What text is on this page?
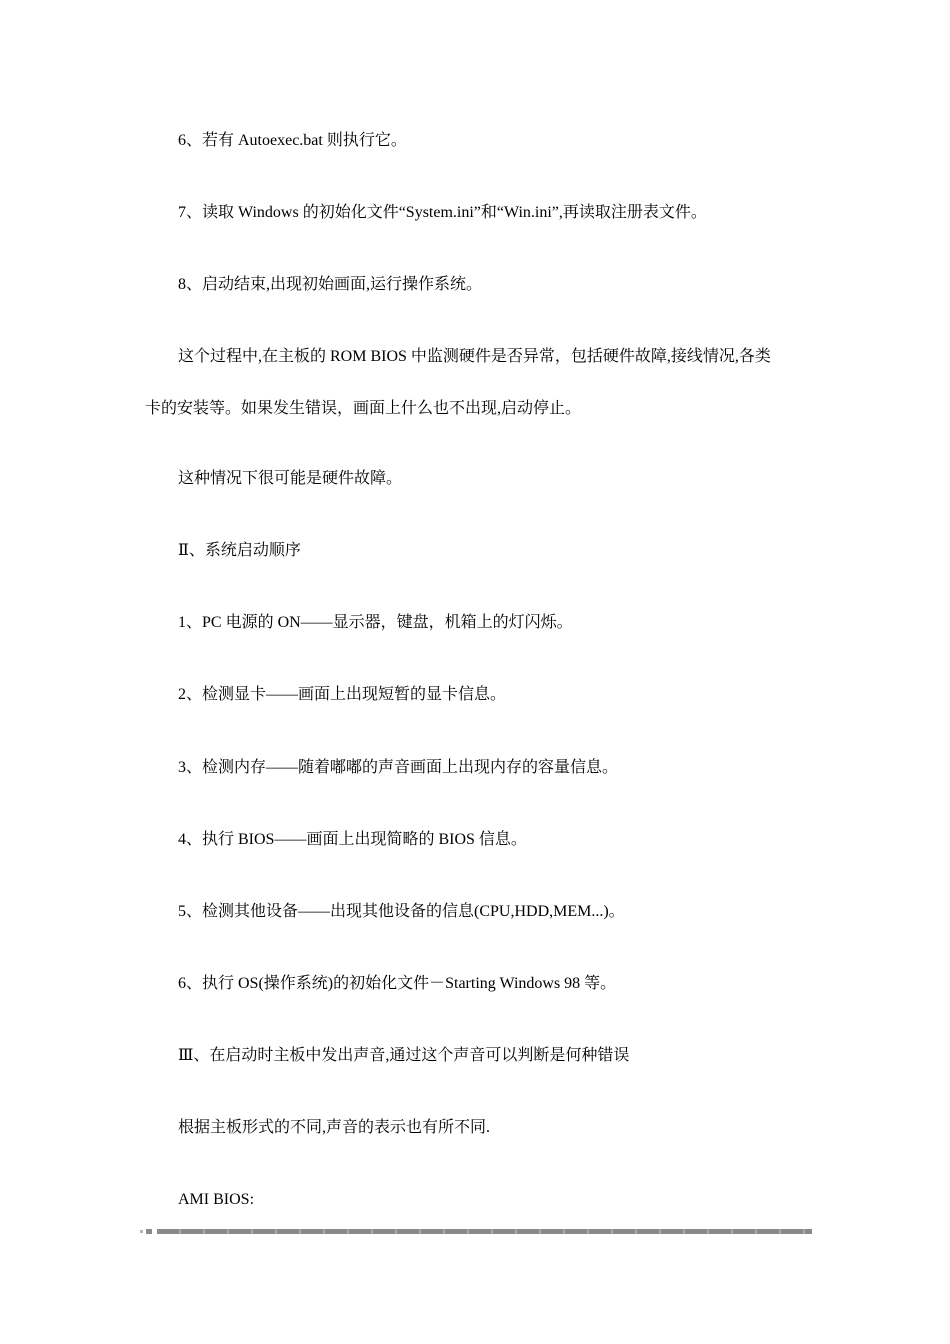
6、若有 Autoexec.bat 则执行它。
7、读取 Windows 的初始化文件“System.ini”和“Win.ini”,再读取注册表文件。
8、启动结束,出现初始画面,运行操作系统。
这个过程中,在主板的 ROM BIOS 中监测硬件是否异常，包括硬件故障,接线情况,各类
卡的安装等。如果发生错误，画面上什么也不出现,启动停止。
这种情况下很可能是硬件故障。
Ⅱ、系统启动顺序
1、PC 电源的 ON——显示器，键盘，机箱上的灯闪烁。
2、检测显卡——画面上出现短暂的显卡信息。
3、检测内存——随着嘟嘟的声音画面上出现内存的容量信息。
4、执行 BIOS——画面上出现简略的 BIOS 信息。
5、检测其他设备——出现其他设备的信息(CPU,HDD,MEM...)。
6、执行 OS(操作系统)的初始化文件－Starting Windows 98 等。
Ⅲ、在启动时主板中发出声音,通过这个声音可以判断是何种错误
根据主板形式的不同,声音的表示也有所不同.
AMI BIOS:
